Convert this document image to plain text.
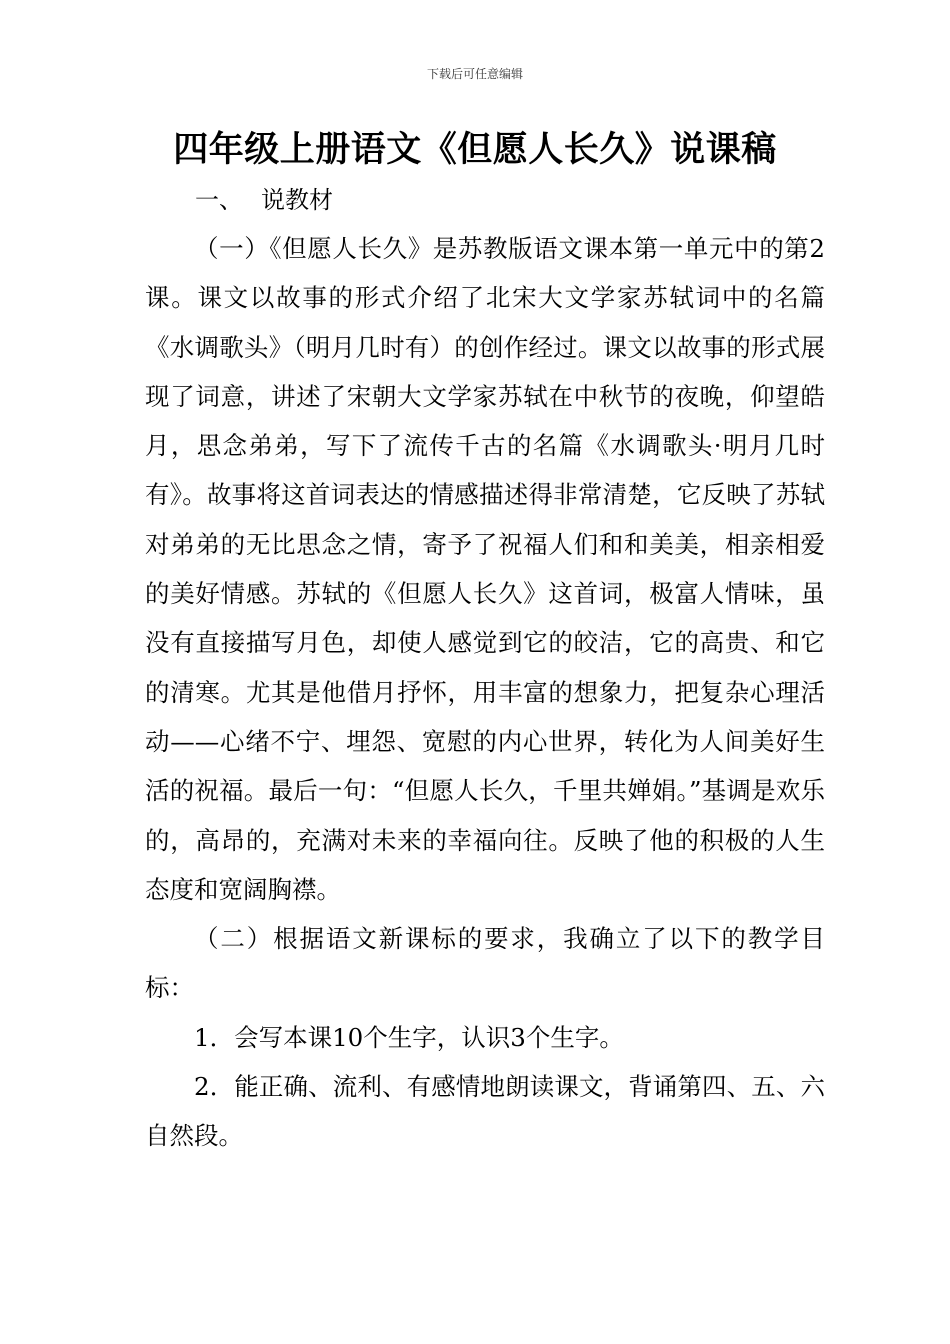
下载后可任意编辑
四年级上册语文《但愿人长久》说课稿
一、 说教材

（一）《但愿人长久》是苏教版语文课本第一单元中的第2课。课文以故事的形式介绍了北宋大文学家苏轼词中的名篇《水调歌头》（明月几时有）的创作经过。课文以故事的形式展现了词意，讲述了宋朝大文学家苏轼在中秋节的夜晚，仰望皓月，思念弟弟，写下了流传千古的名篇《水调歌头·明月几时有》。故事将这首词表达的情感描述得非常清楚，它反映了苏轼对弟弟的无比思念之情，寄予了祝福人们和和美美，相亲相爱的美好情感。苏轼的《但愿人长久》这首词，极富人情味，虽没有直接描写月色，却使人感觉到它的皎洁，它的高贵、和它的清寒。尤其是他借月抒怀，用丰富的想象力，把复杂心理活动——心绪不宁、埋怨、宽慰的内心世界，转化为人间美好生活的祝福。最后一句：“但愿人长久，千里共婵娟。”基调是欢乐的，高昂的，充满对未来的幸福向往。反映了他的积极的人生态度和宽阔胸襟。

（二）根据语文新课标的要求，我确立了以下的教学目标：

1．会写本课10个生字，认识3个生字。

2．能正确、流利、有感情地朗读课文，背诵第四、五、六自然段。
